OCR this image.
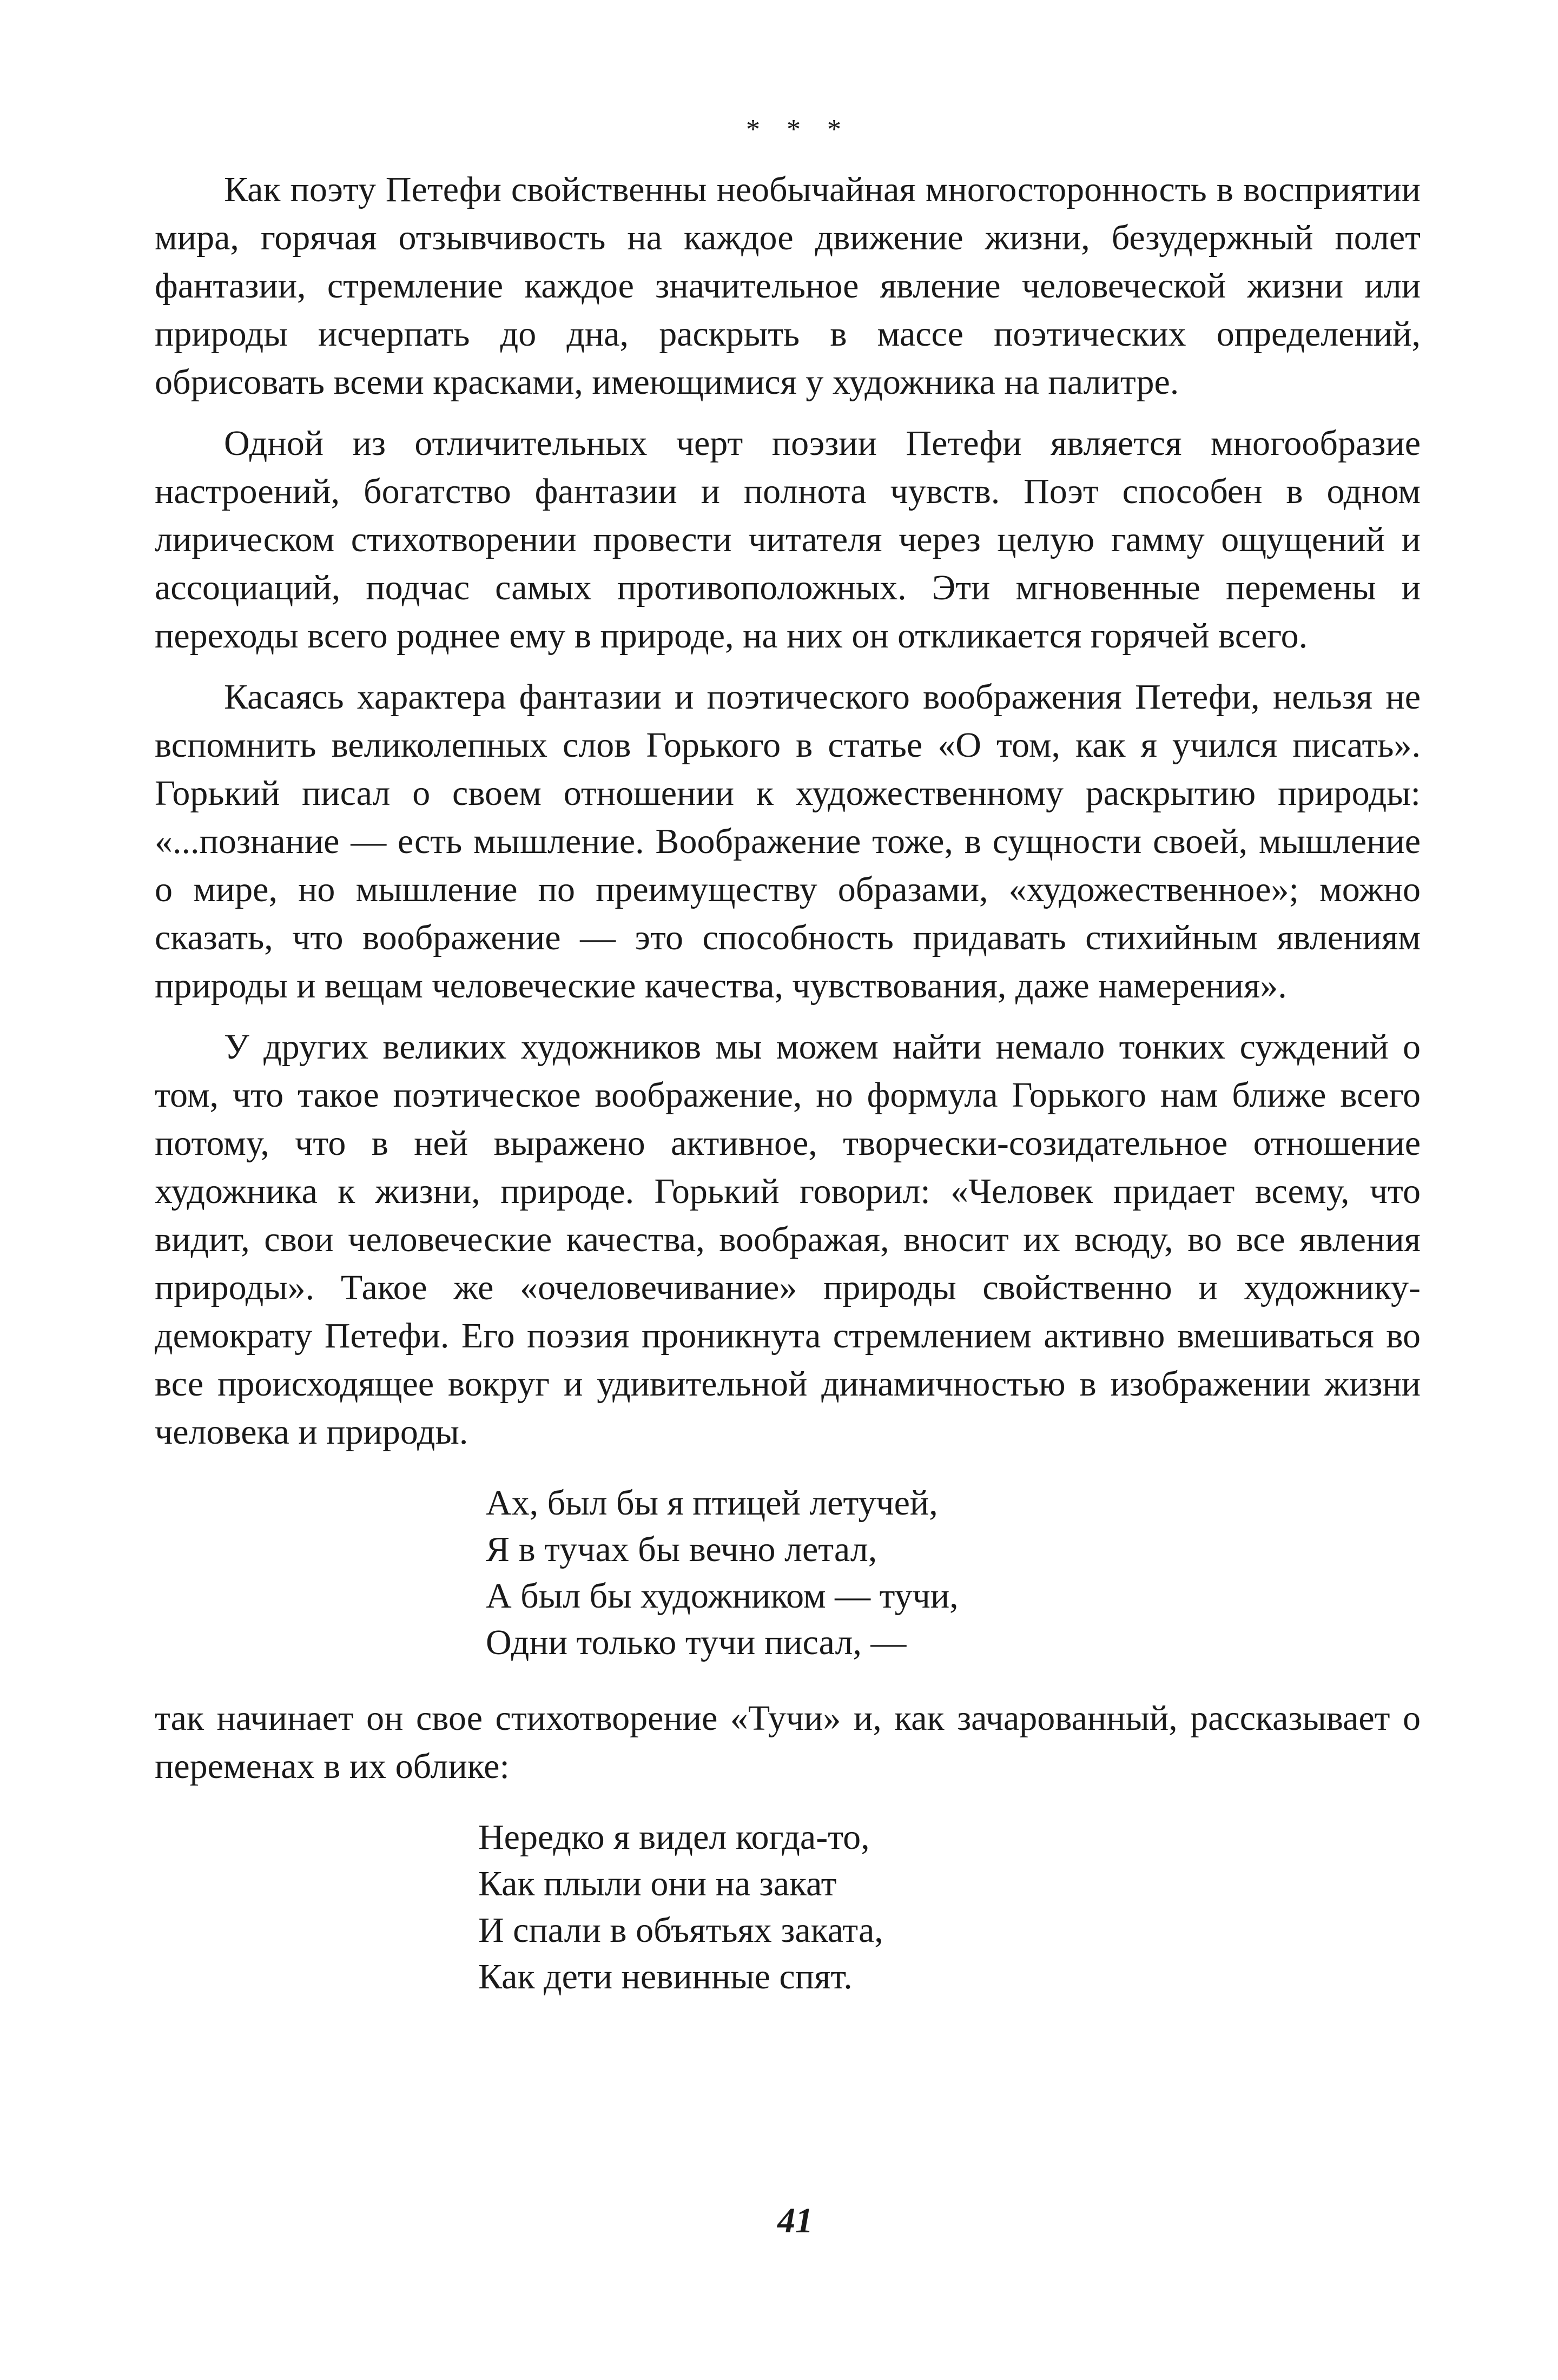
* * *

Как поэту Петефи свойственны необычайная многосторонность в восприятии мира, горячая отзывчивость на каждое движение жизни, безудержный полет фантазии, стремление каждое значительное явление человеческой жизни или природы исчерпать до дна, раскрыть в массе поэтических определений, обрисовать всеми красками, имеющимися у художника на палитре.

Одной из отличительных черт поэзии Петефи является многообразие настроений, богатство фантазии и полнота чувств. Поэт способен в одном лирическом стихотворении провести читателя через целую гамму ощущений и ассоциаций, подчас самых противоположных. Эти мгновенные перемены и переходы всего роднее ему в природе, на них он откликается горячей всего.

Касаясь характера фантазии и поэтического воображения Петефи, нельзя не вспомнить великолепных слов Горького в статье «О том, как я учился писать». Горький писал о своем отношении к художественному раскрытию природы: «...познание — есть мышление. Воображение тоже, в сущности своей, мышление о мире, но мышление по преимуществу образами, «художественное»; можно сказать, что воображение — это способность придавать стихийным явлениям природы и вещам человеческие качества, чувствования, даже намерения».

У других великих художников мы можем найти немало тонких суждений о том, что такое поэтическое воображение, но формула Горького нам ближе всего потому, что в ней выражено активное, творчески-созидательное отношение художника к жизни, природе. Горький говорил: «Человек придает всему, что видит, свои человеческие качества, воображая, вносит их всюду, во все явления природы». Такое же «очеловечивание» природы свойственно и художнику-демократу Петефи. Его поэзия проникнута стремлением активно вмешиваться во все происходящее вокруг и удивительной динамичностью в изображении жизни человека и природы.

Ах, был бы я птицей летучей,
Я в тучах бы вечно летал,
А был бы художником — тучи,
Одни только тучи писал, —

так начинает он свое стихотворение «Тучи» и, как зачарованный, рассказывает о переменах в их облике:

Нередко я видел когда-то,
Как плыли они на закат
И спали в объятьях заката,
Как дети невинные спят.
41
